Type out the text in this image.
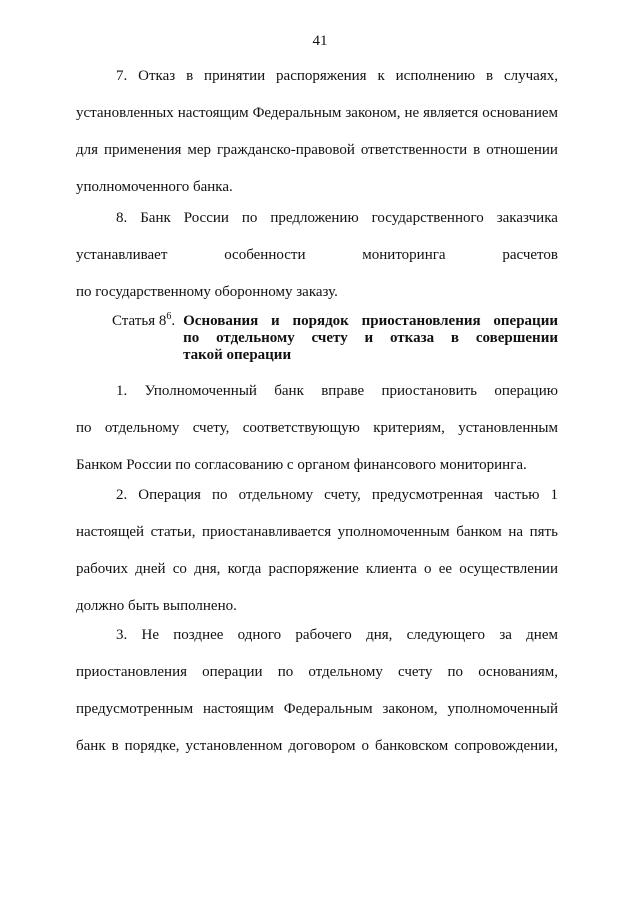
41
7. Отказ в принятии распоряжения к исполнению в случаях,
установленных настоящим Федеральным законом, не является основанием
для применения мер гражданско-правовой ответственности в отношении
уполномоченного банка.
8. Банк России по предложению государственного заказчика
устанавливает	особенности	мониторинга	расчетов
по государственному оборонному заказу.
Статья $8^6$. Основания и порядок приостановления операции
по отдельному счету и отказа в совершении
такой операции
1. Уполномоченный банк вправе приостановить операцию
по отдельному счету, соответствующую критериям, установленным
Банком России по согласованию с органом финансового мониторинга.
2. Операция по отдельному счету, предусмотренная частью 1
настоящей статьи, приостанавливается уполномоченным банком на пять
рабочих дней со дня, когда распоряжение клиента о ее осуществлении
должно быть выполнено.
3. Не позднее одного рабочего дня, следующего за днем
приостановления операции по отдельному счету по основаниям,
предусмотренным настоящим Федеральным законом, уполномоченный
банк в порядке, установленном договором о банковском сопровождении,
